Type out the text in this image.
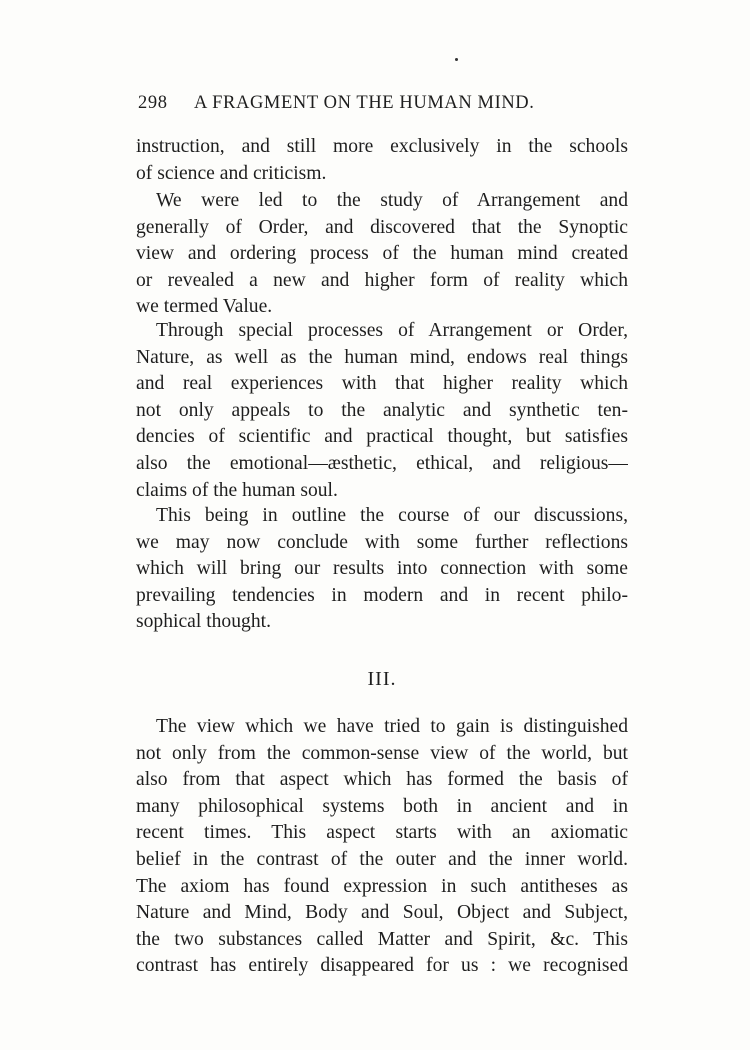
298 A FRAGMENT ON THE HUMAN MIND.
instruction, and still more exclusively in the schools
of science and criticism.
We were led to the study of Arrangement and
generally of Order, and discovered that the Synoptic
view and ordering process of the human mind created
or revealed a new and higher form of reality which
we termed Value.
Through special processes of Arrangement or Order,
Nature, as well as the human mind, endows real things
and real experiences with that higher reality which
not only appeals to the analytic and synthetic ten-
dencies of scientific and practical thought, but satisfies
also the emotional—æsthetic, ethical, and religious—
claims of the human soul.
This being in outline the course of our discussions,
we may now conclude with some further reflections
which will bring our results into connection with some
prevailing tendencies in modern and in recent philo-
sophical thought.
III.
The view which we have tried to gain is distinguished
not only from the common-sense view of the world, but
also from that aspect which has formed the basis of
many philosophical systems both in ancient and in
recent times. This aspect starts with an axiomatic
belief in the contrast of the outer and the inner world.
The axiom has found expression in such antitheses as
Nature and Mind, Body and Soul, Object and Subject,
the two substances called Matter and Spirit, &c. This
contrast has entirely disappeared for us : we recognised
